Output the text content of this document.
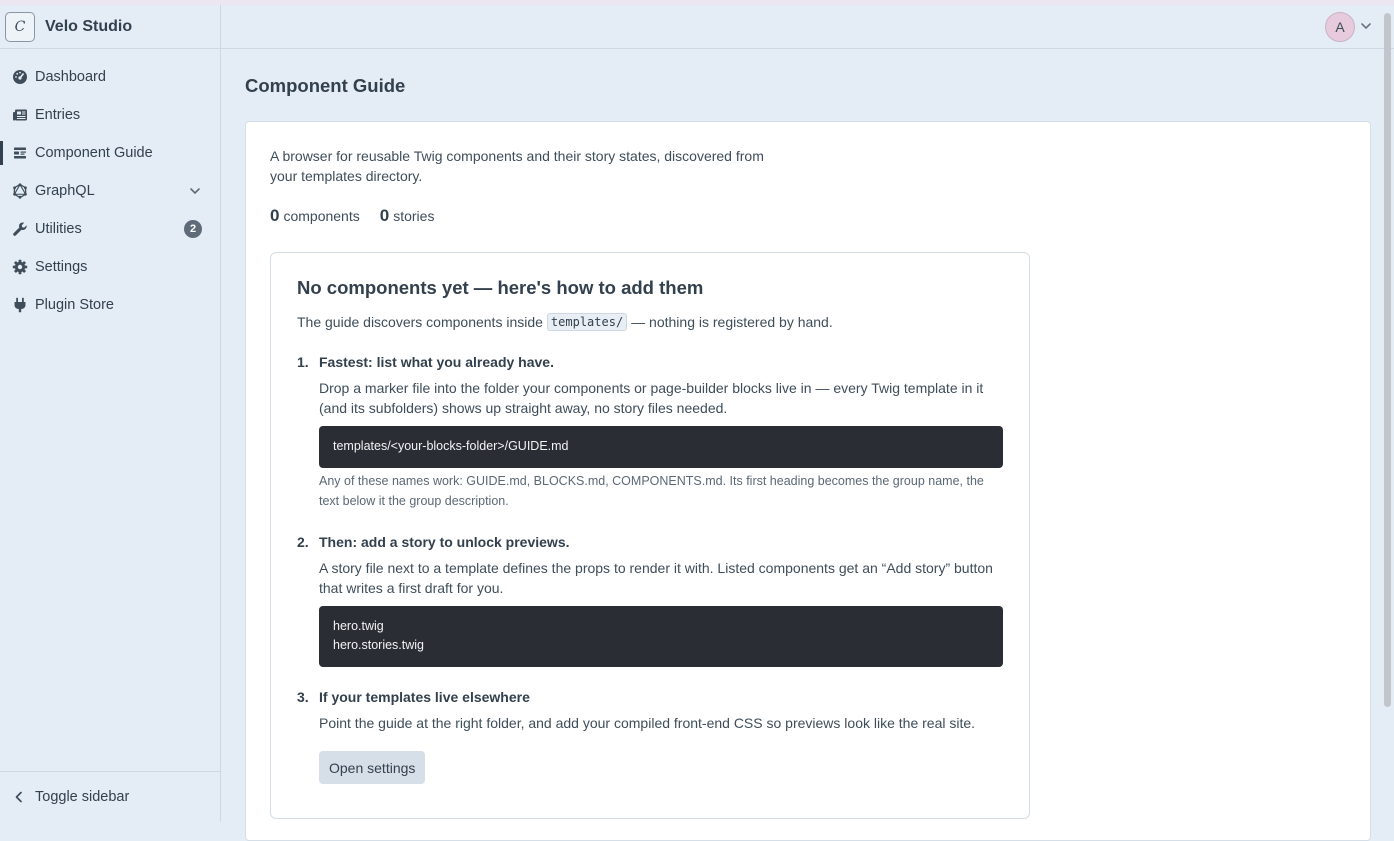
C	Velo Studio
Dashboard
Entries
Component Guide
GraphQL
Utilities	2
Settings
Plugin Store
Toggle sidebar
A
Component Guide
A browser for reusable Twig components and their story states, discovered from
your templates directory.
0 components 0 stories
No components yet — here's how to add them
The guide discovers components inside templates/ — nothing is registered by hand.
1. Fastest: list what you already have.
Drop a marker file into the folder your components or page-builder blocks live in — every Twig template in it (and its subfolders) shows up straight away, no story files needed.
templates/<your-blocks-folder>/GUIDE.md
Any of these names work: GUIDE.md, BLOCKS.md, COMPONENTS.md. Its first heading becomes the group name, the text below it the group description.
2. Then: add a story to unlock previews.
A story file next to a template defines the props to render it with. Listed components get an “Add story” button that writes a first draft for you.
hero.twig
hero.stories.twig
3. If your templates live elsewhere
Point the guide at the right folder, and add your compiled front-end CSS so previews look like the real site.
Open settings
